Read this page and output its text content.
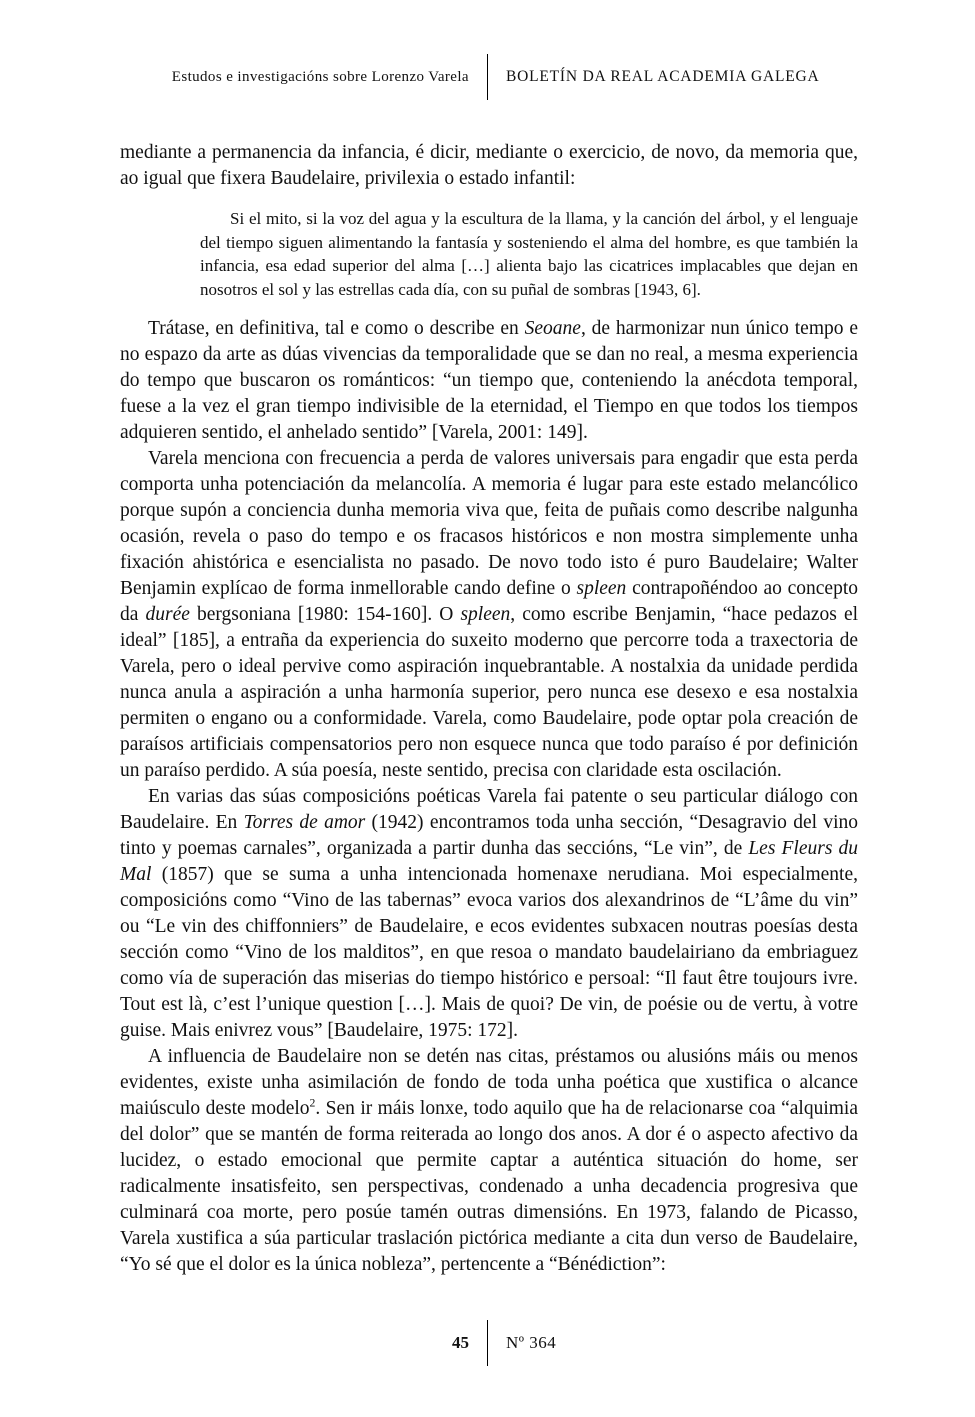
Estudos e investigacións sobre Lorenzo Varela BOLETÍN DA REAL ACADEMIA GALEGA

mediante a permanencia da infancia, é dicir, mediante o exercicio, de novo, da memoria que, ao igual que fixera Baudelaire, privilexia o estado infantil:

Si el mito, si la voz del agua y la escultura de la llama, y la canción del árbol, y el lenguaje del tiempo siguen alimentando la fantasía y sosteniendo el alma del hombre, es que también la infancia, esa edad superior del alma […] alienta bajo las cicatrices implacables que dejan en nosotros el sol y las estrellas cada día, con su puñal de sombras [1943, 6].

Trátase, en definitiva, tal e como o describe en Seoane, de harmonizar nun único tempo e no espazo da arte as dúas vivencias da temporalidade que se dan no real, a mesma experiencia do tempo que buscaron os románticos: “un tiempo que, conteniendo la anécdota temporal, fuese a la vez el gran tiempo indivisible de la eternidad, el Tiempo en que todos los tiempos adquieren sentido, el anhelado sentido” [Varela, 2001: 149].

Varela menciona con frecuencia a perda de valores universais para engadir que esta perda comporta unha potenciación da melancolía. A memoria é lugar para este estado melancólico porque supón a conciencia dunha memoria viva que, feita de puñais como describe nalgunha ocasión, revela o paso do tempo e os fracasos históricos e non mostra simplemente unha fixación ahistórica e esencialista no pasado. De novo todo isto é puro Baudelaire; Walter Benjamin explícao de forma inmellorable cando define o spleen contrapoñéndoo ao concepto da durée bergsoniana [1980: 154-160]. O spleen, como escribe Benjamin, “hace pedazos el ideal” [185], a entraña da experiencia do suxeito moderno que percorre toda a traxectoria de Varela, pero o ideal pervive como aspiración inquebrantable. A nostalxia da unidade perdida nunca anula a aspiración a unha harmonía superior, pero nunca ese desexo e esa nostalxia permiten o engano ou a conformidade. Varela, como Baudelaire, pode optar pola creación de paraísos artificiais compensatorios pero non esquece nunca que todo paraíso é por definición un paraíso perdido. A súa poesía, neste sentido, precisa con claridade esta oscilación.

En varias das súas composicións poéticas Varela fai patente o seu particular diálogo con Baudelaire. En Torres de amor (1942) encontramos toda unha sección, “Desagravio del vino tinto y poemas carnales”, organizada a partir dunha das seccións, “Le vin”, de Les Fleurs du Mal (1857) que se suma a unha intencionada homenaxe nerudiana. Moi especialmente, composicións como “Vino de las tabernas” evoca varios dos alexandrinos de “L’âme du vin” ou “Le vin des chiffonniers” de Baudelaire, e ecos evidentes subxacen noutras poesías desta sección como “Vino de los malditos”, en que resoa o mandato baudelairiano da embriaguez como vía de superación das miserias do tiempo histórico e persoal: “Il faut être toujours ivre. Tout est là, c’est l’unique question […]. Mais de quoi? De vin, de poésie ou de vertu, à votre guise. Mais enivrez vous” [Baudelaire, 1975: 172].

A influencia de Baudelaire non se detén nas citas, préstamos ou alusións máis ou menos evidentes, existe unha asimilación de fondo de toda unha poética que xustifica o alcance maiúsculo deste modelo$^2$. Sen ir máis lonxe, todo aquilo que ha de relacionarse coa “alquimia del dolor” que se mantén de forma reiterada ao longo dos anos. A dor é o aspecto afectivo da lucidez, o estado emocional que permite captar a auténtica situación do home, ser radicalmente insatisfeito, sen perspectivas, condenado a unha decadencia progresiva que culminará coa morte, pero posúe tamén outras dimensións. En 1973, falando de Picasso, Varela xustifica a súa particular traslación pictórica mediante a cita dun verso de Baudelaire, “Yo sé que el dolor es la única nobleza”, pertencente a “Bénédiction”:

45 Nº 364
